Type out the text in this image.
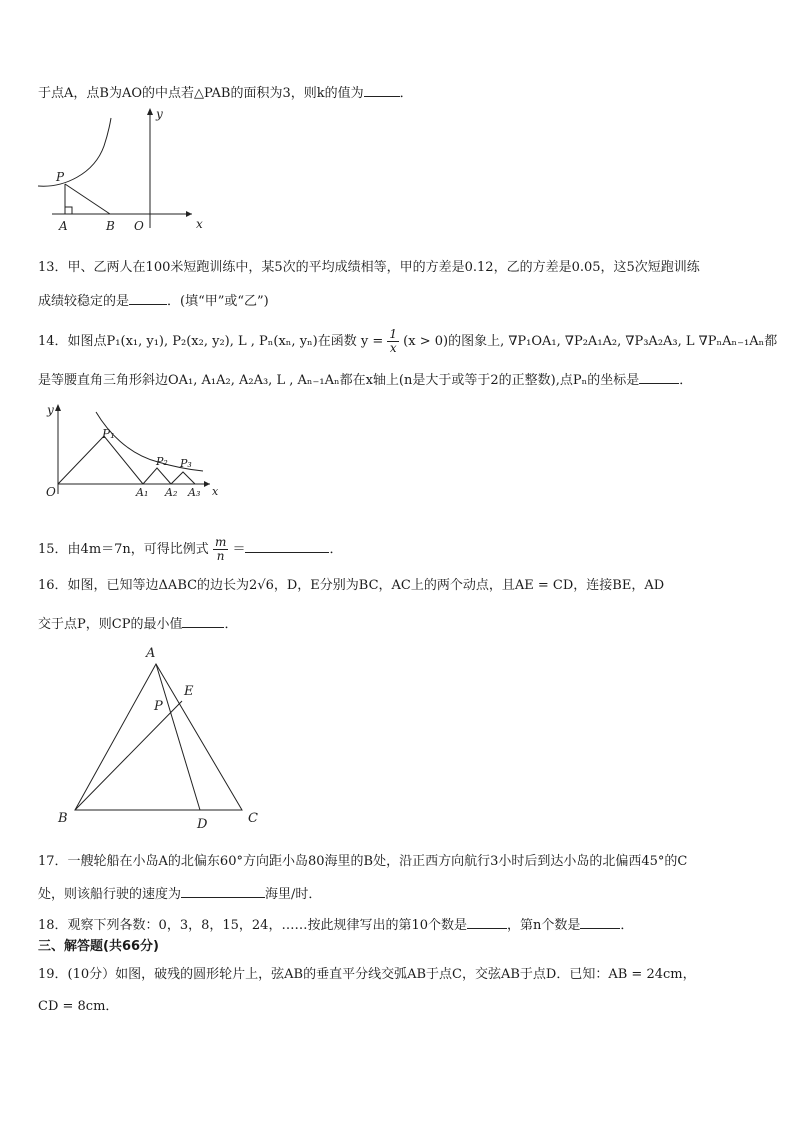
于点A，点B为AO的中点若△PAB的面积为3，则k的值为	．
y
x
P
A	B O
13．甲、乙两人在100米短跑训练中，某5次的平均成绩相等，甲的方差是0.12，乙的方差是0.05，这5次短跑训练
成绩较稳定的是	．(填“甲”或“乙”)
14．如图点P₁(x₁, y₁), P₂(x₂, y₂), L , Pₙ(xₙ, yₙ)在函数 $y = \frac{1}{x} (x > 0)$的图象上, ∇P₁OA₁, ∇P₂A₁A₂, ∇P₃A₂A₃, L ∇PₙAₙ₋₁Aₙ都
是等腰直角三角形斜边OA₁, A₁A₂, A₂A₃, L , Aₙ₋₁Aₙ都在x轴上(n是大于或等于2的正整数),点Pₙ的坐标是	．
y
x
O
P₁
P₂ P₃
A₁ A₂ A₃
15．由4m＝7n，可得比例式 $\frac{m}{n}$ ＝	．
16．如图，已知等边ΔABC的边长为2√6，D，E分别为BC，AC上的两个动点，且AE = CD，连接BE，AD
交于点P，则CP的最小值	．
A
B	C
D
E
P
17．一艘轮船在小岛A的北偏东60°方向距小岛80海里的B处，沿正西方向航行3小时后到达小岛的北偏西45°的C
处，则该船行驶的速度为	海里/时．
18．观察下列各数：0，3，8，15，24，……按此规律写出的第10个数是	，第n个数是	．
三、解答题(共66分)
19．(10分）如图，破残的圆形轮片上，弦AB的垂直平分线交弧AB于点C，交弦AB于点D．已知：AB = 24cm，
CD = 8cm．
